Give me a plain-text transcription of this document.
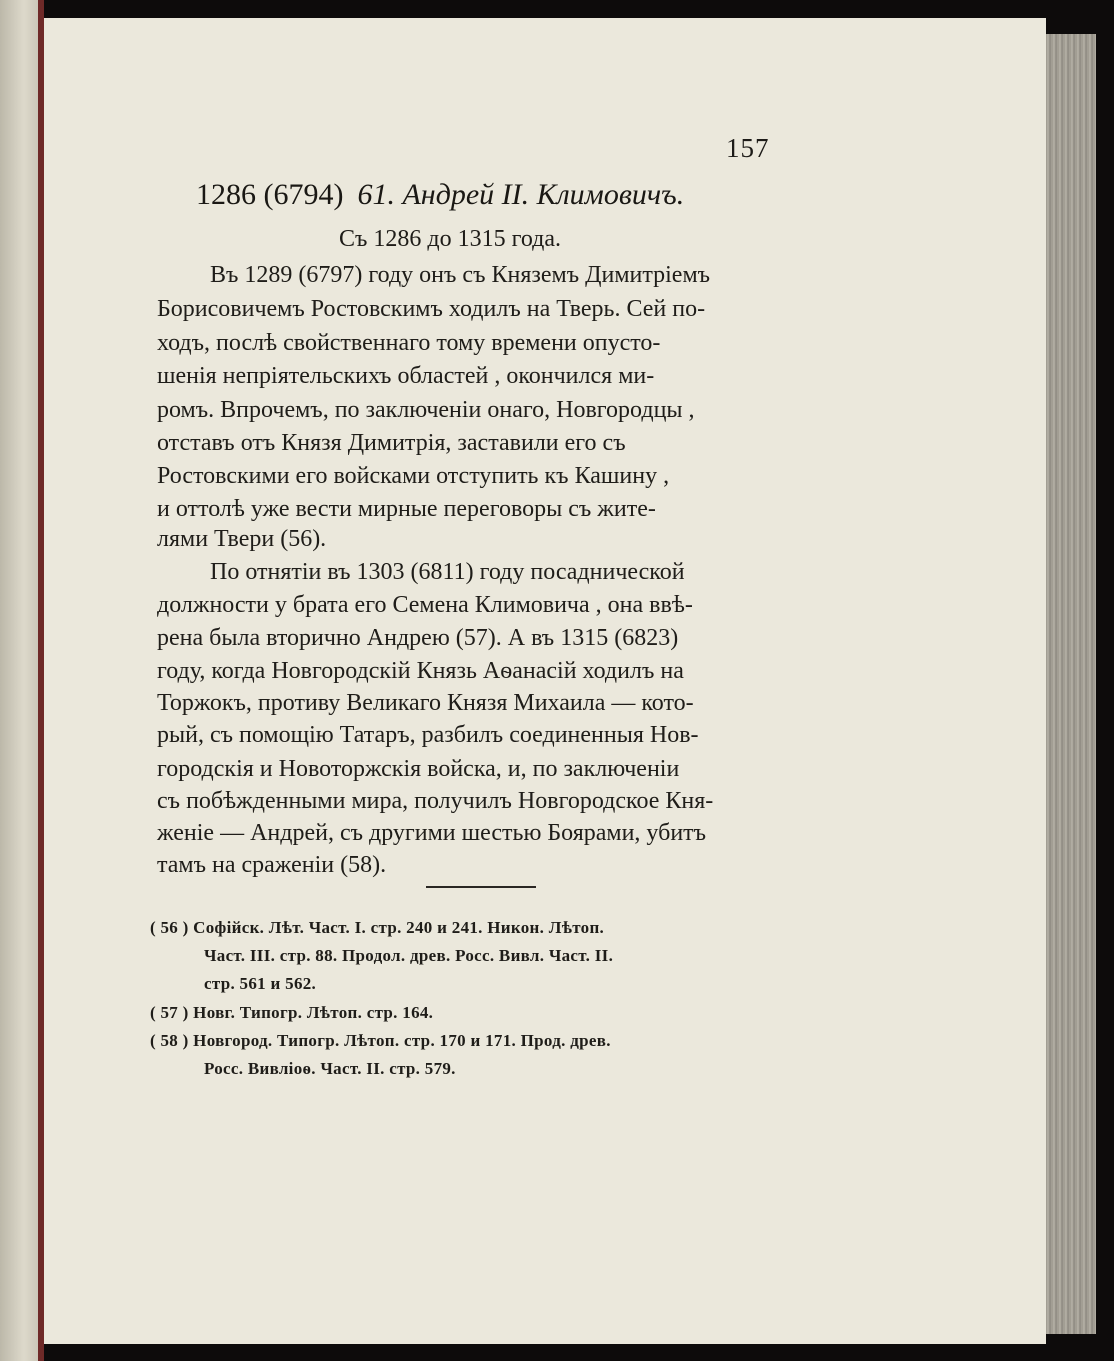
157
1286 (6794) 61. Андрей II. Климовичъ.
Съ 1286 до 1315 года.
Въ 1289 (6797) году онъ съ Княземъ Димитріемъ
Борисовичемъ Ростовскимъ ходилъ на Тверь. Сей по-
ходъ, послѣ свойственнаго тому времени опусто-
шенія непріятельскихъ областей , окончился ми-
ромъ. Впрочемъ, по заключеніи онаго, Новгородцы ,
отставъ отъ Князя Димитрія, заставили его съ
Ростовскими его войсками отступить къ Кашину ,
и оттолѣ уже вести мирные переговоры съ жите-
лями Твери (56).
По отнятіи въ 1303 (6811) году посаднической
должности у брата его Семена Климовича , она ввѣ-
рена была вторично Андрею (57). А въ 1315 (6823)
году, когда Новгородскій Князь Аѳанасій ходилъ на
Торжокъ, противу Великаго Князя Михаила — кото-
рый, съ помощію Татаръ, разбилъ соединенныя Нов-
городскія и Новоторжскія войска, и, по заключеніи
съ побѣжденными мира, получилъ Новгородское Кня-
женіе — Андрей, съ другими шестью Боярами, убитъ
тамъ на сраженіи (58).
( 56 ) Софійск. Лѣт. Част. I. стр. 240 и 241. Никон. Лѣтоп.
Част. III. стр. 88. Продол. древ. Росс. Вивл. Част. II.
стр. 561 и 562.
( 57 ) Новг. Типогр. Лѣтоп. стр. 164.
( 58 ) Новгород. Типогр. Лѣтоп. стр. 170 и 171. Прод. древ.
Росс. Вивліоѳ. Част. II. стр. 579.
